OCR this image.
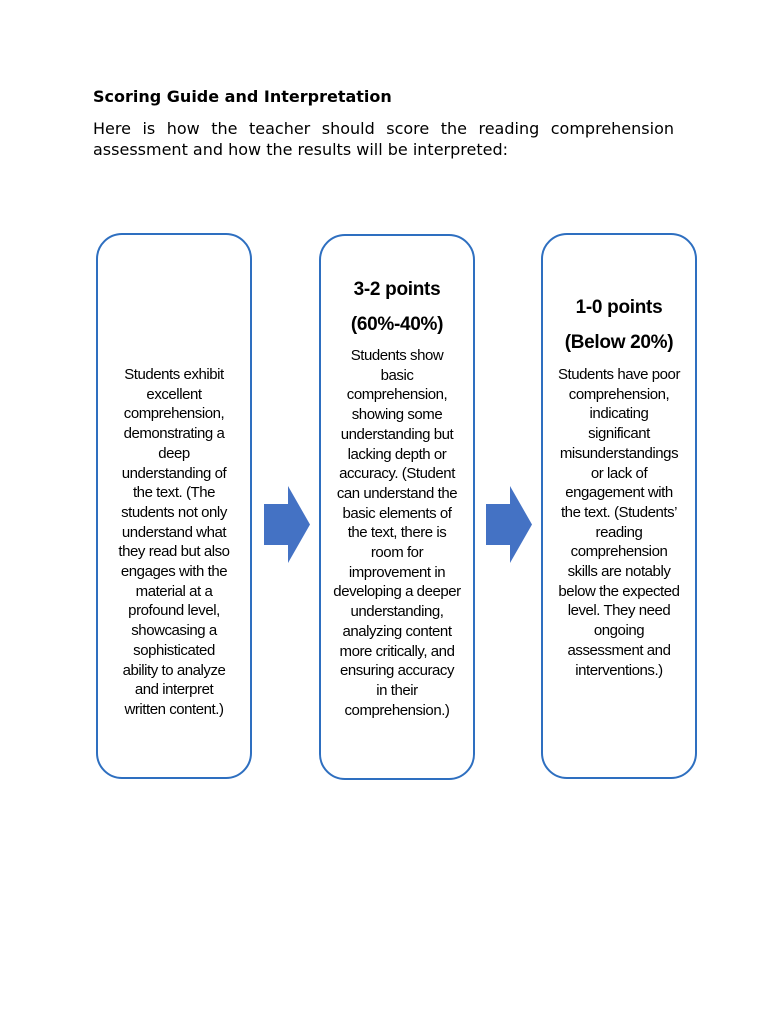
Scoring Guide and Interpretation
Here is how the teacher should score the reading comprehension assessment and how the results will be interpreted:
Students exhibit excellent comprehension, demonstrating a deep understanding of the text. (The students not only understand what they read but also engages with the material at a profound level, showcasing a sophisticated ability to analyze and interpret written content.)
3-2 points
(60%-40%)
Students show basic comprehension, showing some understanding but lacking depth or accuracy. (Student can understand the basic elements of the text, there is room for improvement in developing a deeper understanding, analyzing content more critically, and ensuring accuracy in their comprehension.)
1-0 points
(Below 20%)
Students have poor comprehension, indicating significant misunderstandings or lack of engagement with the text. (Students’ reading comprehension skills are notably below the expected level. They need ongoing assessment and interventions.)
